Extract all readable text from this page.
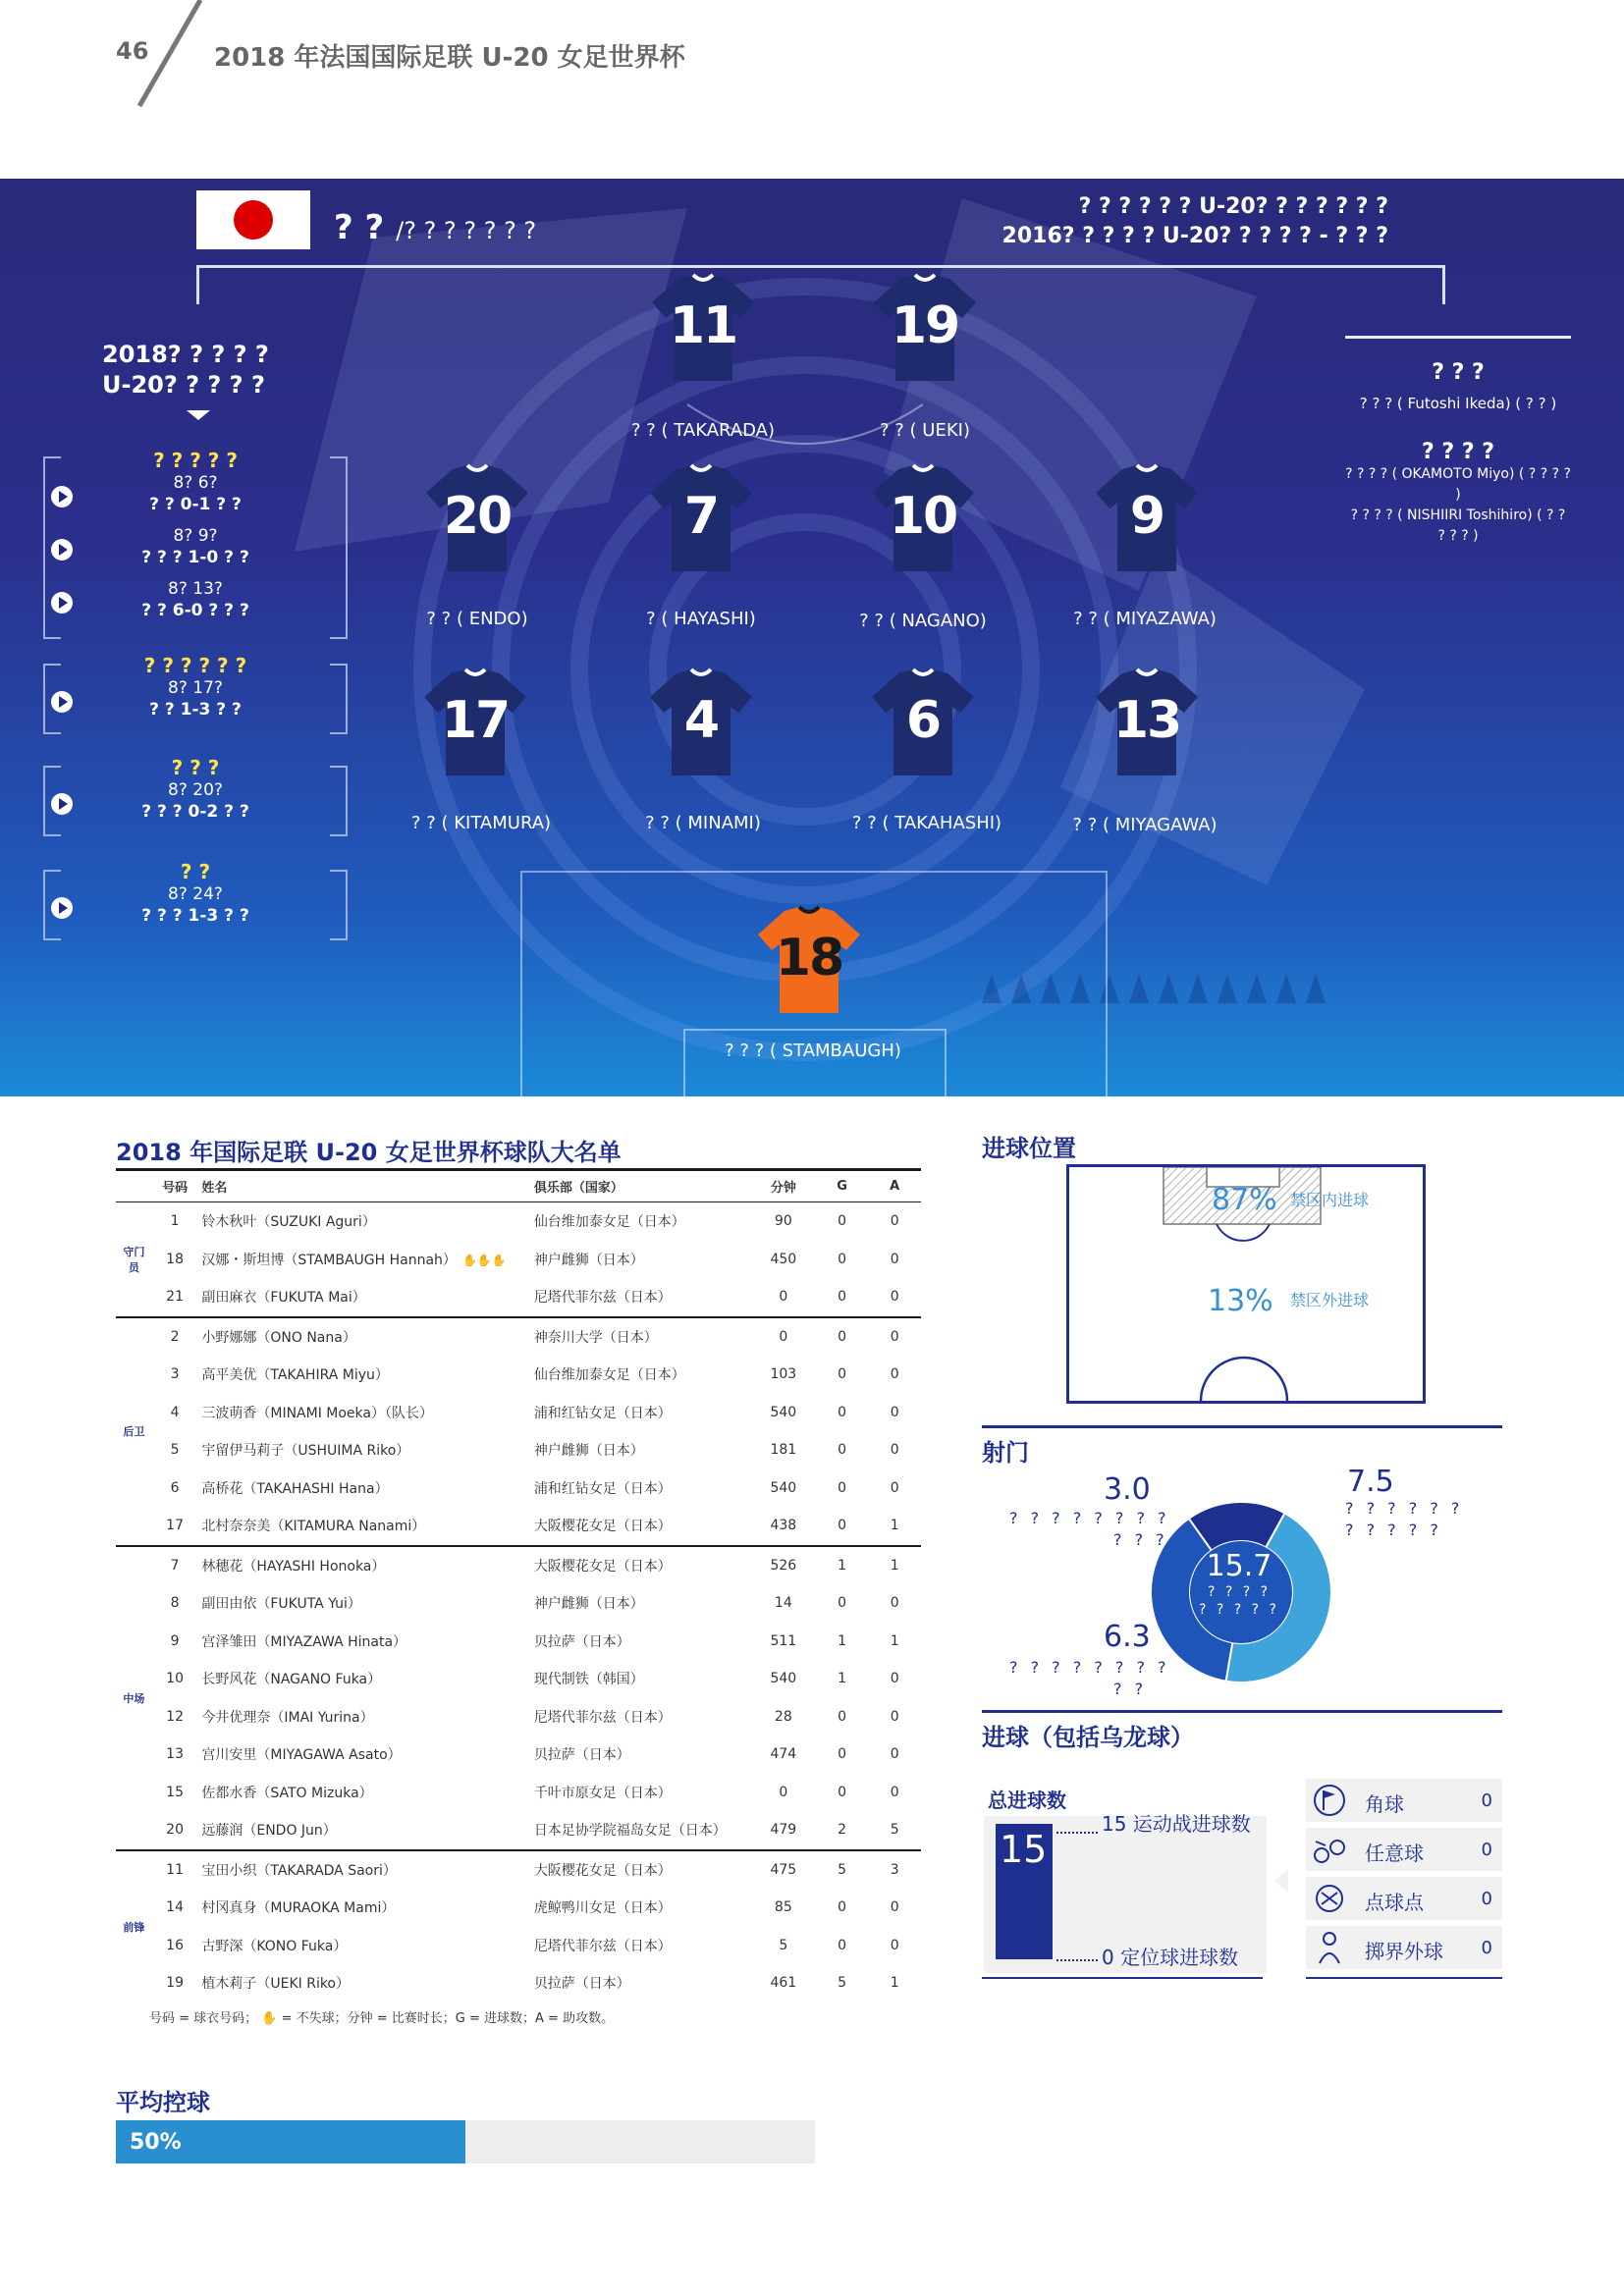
46	2018 年法国国际足联 U-20 女足世界杯
? ? /? ? ? ? ? ? ?
? ? ? ? ? ? U-20? ? ? ? ? ? ?
2016? ? ? ? ? U-20? ? ? ? ? - ? ? ?
2018? ? ? ? ?
U-20? ? ? ? ?
? ? ? ? ?
8? 6?
? ? 0-1 ? ?
8? 9?
? ? ? 1-0 ? ?
8? 13?
? ? 6-0 ? ? ?
? ? ? ? ? ?
8? 17?
? ? 1-3 ? ?
? ? ?
8? 20?
? ? ? 0-2 ? ?
? ?
8? 24?
? ? ? 1-3 ? ?
11
? ? ( TAKARADA)
19
? ? ( UEKI)
20
? ? ( ENDO)
7
? ( HAYASHI)
10
? ? ( NAGANO)
9
? ? ( MIYAZAWA)
17
? ? ( KITAMURA)
4
? ? ( MINAMI)
6
? ? ( TAKAHASHI)
13
? ? ( MIYAGAWA)
18
? ? ? ( STAMBAUGH)
? ? ?
? ? ? ( Futoshi Ikeda) ( ? ? )
? ? ? ?
? ? ? ? ( OKAMOTO Miyo) ( ? ? ? ? )
? ? ? ? ( NISHIIRI Toshihiro) ( ? ? ? ? ? )
2018 年国际足联 U-20 女足世界杯球队大名单
	号码	姓名	俱乐部（国家）	分钟	G	A
守门员	1	铃木秋叶（SUZUKI Aguri）	仙台维加泰女足（日本）	90	0	0
	18	汉娜・斯坦博（STAMBAUGH Hannah） ✋✋✋	神户雌狮（日本）	450	0	0
	21	副田麻衣（FUKUTA Mai）	尼塔代菲尔兹（日本）	0	0	0
后卫	2	小野娜娜（ONO Nana）	神奈川大学（日本）	0	0	0
	3	高平美优（TAKAHIRA Miyu）	仙台维加泰女足（日本）	103	0	0
	4	三波萌香（MINAMI Moeka）（队长）	浦和红钻女足（日本）	540	0	0
	5	宇留伊马莉子（USHUIMA Riko）	神户雌狮（日本）	181	0	0
	6	高桥花（TAKAHASHI Hana）	浦和红钻女足（日本）	540	0	0
	17	北村奈奈美（KITAMURA Nanami）	大阪樱花女足（日本）	438	0	1
中场	7	林穗花（HAYASHI Honoka）	大阪樱花女足（日本）	526	1	1
	8	副田由依（FUKUTA Yui）	神户雌狮（日本）	14	0	0
	9	宫泽雏田（MIYAZAWA Hinata）	贝拉萨（日本）	511	1	1
	10	长野风花（NAGANO Fuka）	现代制铁（韩国）	540	1	0
	12	今井优理奈（IMAI Yurina）	尼塔代菲尔兹（日本）	28	0	0
	13	宫川安里（MIYAGAWA Asato）	贝拉萨（日本）	474	0	0
	15	佐都水香（SATO Mizuka）	千叶市原女足（日本）	0	0	0
	20	远藤润（ENDO Jun）	日本足协学院福岛女足（日本）	479	2	5
前锋	11	宝田小织（TAKARADA Saori）	大阪樱花女足（日本）	475	5	3
	14	村冈真身（MURAOKA Mami）	虎鲸鸭川女足（日本）	85	0	0
	16	古野深（KONO Fuka）	尼塔代菲尔兹（日本）	5	0	0
	19	植木莉子（UEKI Riko）	贝拉萨（日本）	461	5	1
号码 = 球衣号码； ✋ = 不失球；分钟 = 比赛时长；G = 进球数；A = 助攻数。
平均控球
50%
进球位置
87% 禁区内进球
13% 禁区外进球
射门
15.7
? ? ? ?
? ? ? ? ?
3.0
? ? ? ? ? ? ? ?
? ? ?
7.5
? ? ? ? ? ?
? ? ? ? ?
6.3
? ? ? ? ? ? ? ?
? ?
进球（包括乌龙球）
总进球数
15
15 运动战进球数
0 定位球进球数
角球	0
任意球	0
点球点	0
掷界外球 0
